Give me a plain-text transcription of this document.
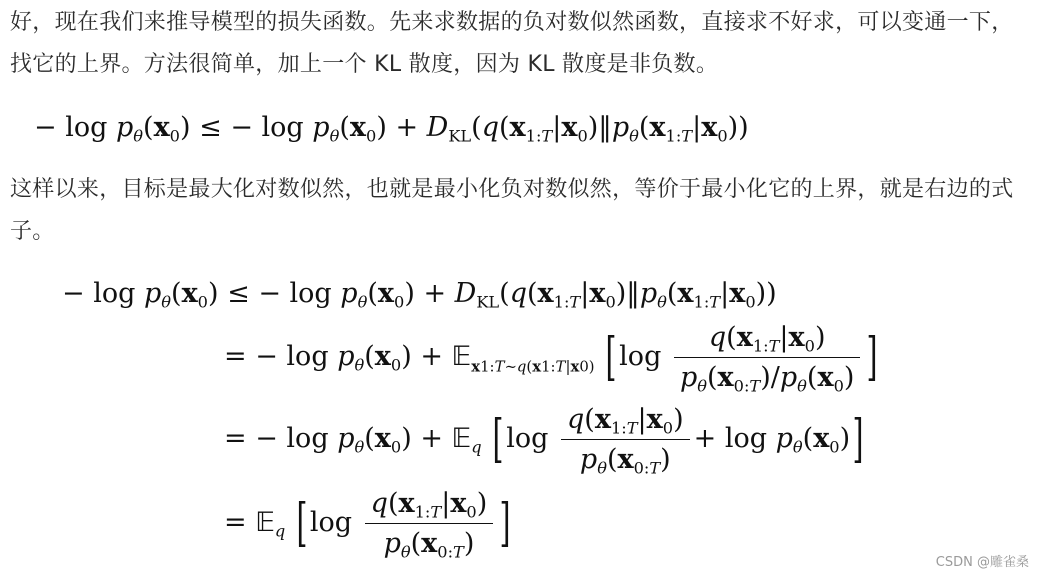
好，现在我们来推导模型的损失函数。先来求数据的负对数似然函数，直接求不好求，可以变通一下，找它的上界。方法很简单，加上一个 KL 散度，因为 KL 散度是非负数。

− $\log p_\theta(x_0)$ ≤ − $\log p_\theta(x_0)$ + $D_{KL}(q(x_{1:T}|x_0)‖p_\theta(x_{1:T}|x_0))$

这样以来，目标是最大化对数似然，也就是最小化负对数似然，等价于最小化它的上界，就是右边的式子。

− $\log p_\theta(x_0)$ ≤ − $\log p_\theta(x_0)$ + $D_{KL}(q(x_{1:T}|x_0)‖p_\theta(x_{1:T}|x_0))$
= − $\log p_\theta(x_0)$ + 𝔼$_{x1:T\sim q(x1:T|x0)}$ [$\log \frac{q(x_{1:T}|x_0)}{p_\theta(x_{0:T})/p_\theta(x_0)}$ ]
= − $\log p_\theta(x_0)$ + 𝔼$_q$ $[\log \frac{q(x_{1:T}|x_0)}{p_\theta(x_{0:T})} + \log p_\theta(x_0)]$
= 𝔼$_q$ [$\log \frac{q(x_{1:T}|x_0)}{p_\theta(x_{0:T})}$ ]
CSDN @雕雀桑
